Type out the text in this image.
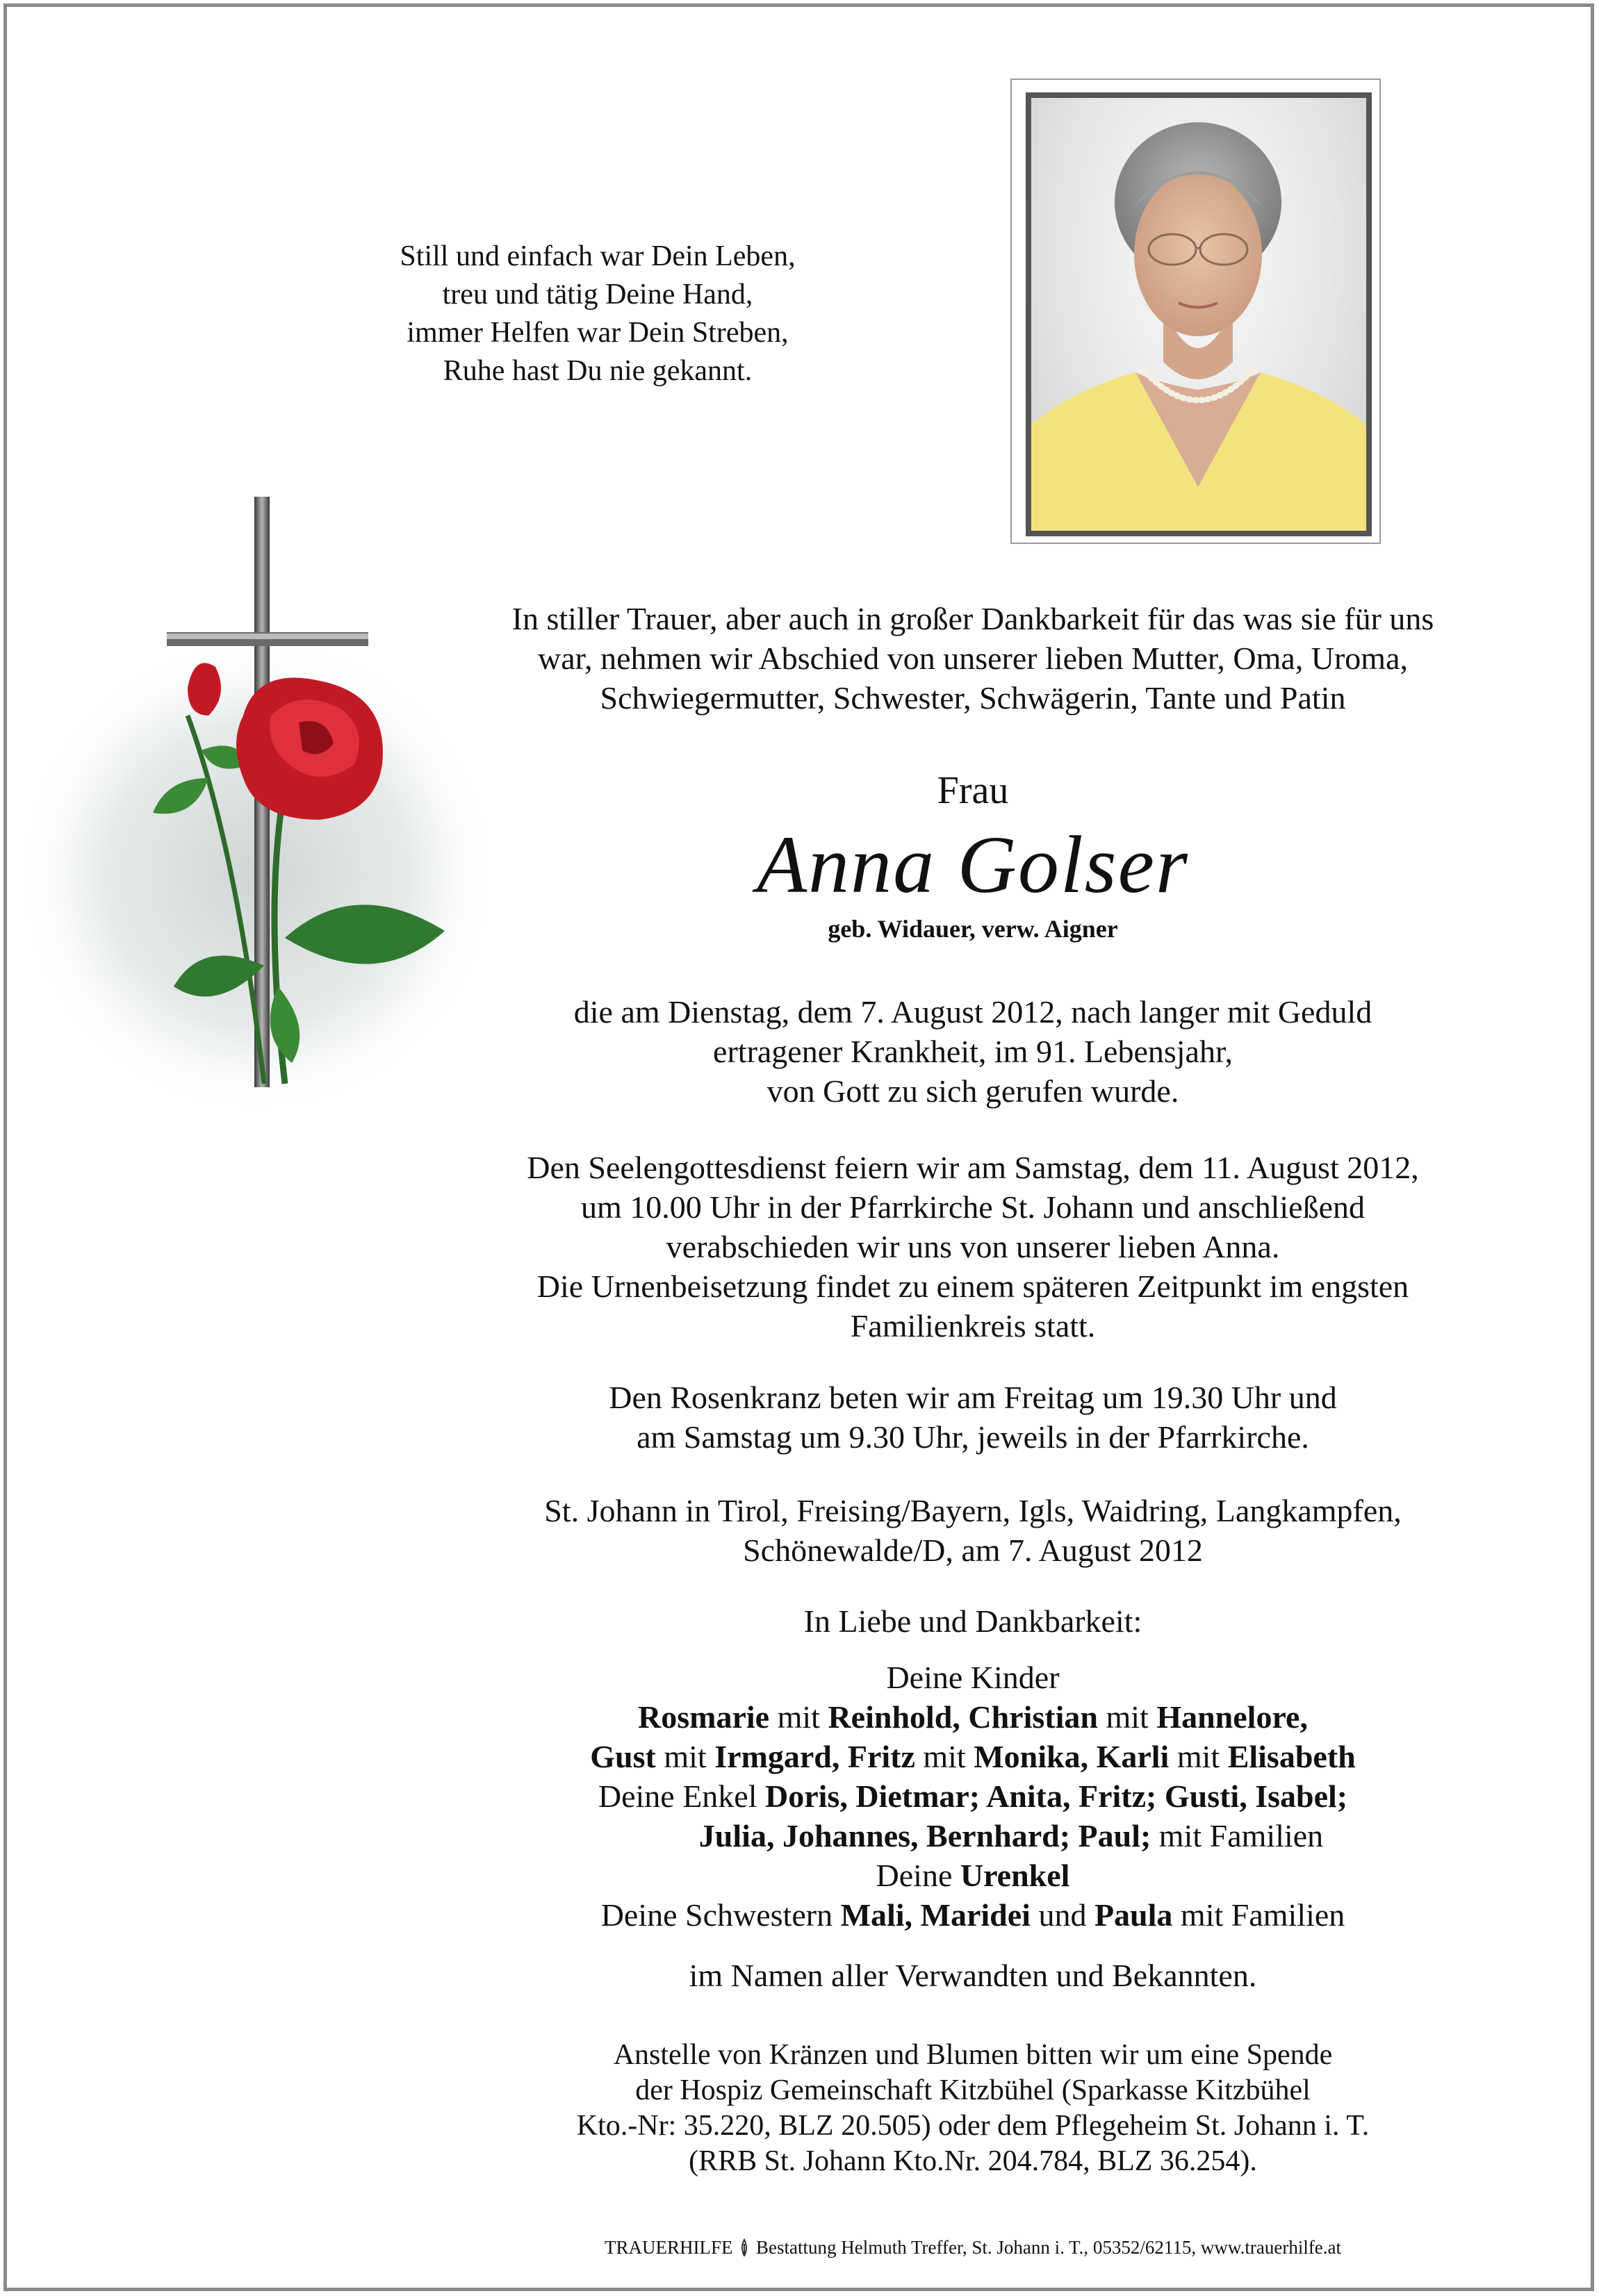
Still und einfach war Dein Leben,
treu und tätig Deine Hand,
immer Helfen war Dein Streben,
Ruhe hast Du nie gekannt.
In stiller Trauer, aber auch in großer Dankbarkeit für das was sie für uns
war, nehmen wir Abschied von unserer lieben Mutter, Oma, Uroma,
Schwiegermutter, Schwester, Schwägerin, Tante und Patin
Frau
Anna Golser
geb. Widauer, verw. Aigner
die am Dienstag, dem 7. August 2012, nach langer mit Geduld
ertragener Krankheit, im 91. Lebensjahr,
von Gott zu sich gerufen wurde.
Den Seelengottesdienst feiern wir am Samstag, dem 11. August 2012,
um 10.00 Uhr in der Pfarrkirche St. Johann und anschließend
verabschieden wir uns von unserer lieben Anna.
Die Urnenbeisetzung findet zu einem späteren Zeitpunkt im engsten
Familienkreis statt.
Den Rosenkranz beten wir am Freitag um 19.30 Uhr und
am Samstag um 9.30 Uhr, jeweils in der Pfarrkirche.
St. Johann in Tirol, Freising/Bayern, Igls, Waidring, Langkampfen,
Schönewalde/D, am 7. August 2012
In Liebe und Dankbarkeit:
Deine Kinder
Rosmarie mit Reinhold, Christian mit Hannelore,
Gust mit Irmgard, Fritz mit Monika, Karli mit Elisabeth
Deine Enkel Doris, Dietmar; Anita, Fritz; Gusti, Isabel;
Julia, Johannes, Bernhard; Paul; mit Familien
Deine Urenkel
Deine Schwestern Mali, Maridei und Paula mit Familien
im Namen aller Verwandten und Bekannten.
Anstelle von Kränzen und Blumen bitten wir um eine Spende
der Hospiz Gemeinschaft Kitzbühel (Sparkasse Kitzbühel
Kto.-Nr: 35.220, BLZ 20.505) oder dem Pflegeheim St. Johann i. T.
(RRB St. Johann Kto.Nr. 204.784, BLZ 36.254).
TRAUERHILFE  Bestattung Helmuth Treffer, St. Johann i. T., 05352/62115, www.trauerhilfe.at
